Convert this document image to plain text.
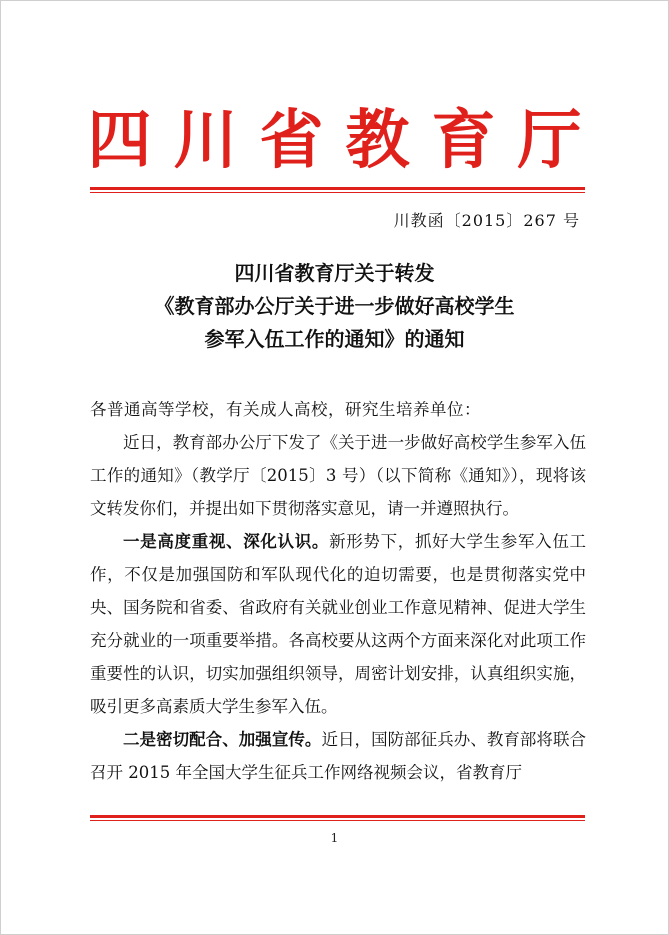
四川省教育厅
川教函〔2015〕267 号
四川省教育厅关于转发
《教育部办公厅关于进一步做好高校学生
参军入伍工作的通知》的通知

各普通高等学校，有关成人高校，研究生培养单位：

近日，教育部办公厅下发了《关于进一步做好高校学生参军入伍工作的通知》（教学厅〔2015〕3 号）（以下简称《通知》），现将该文转发你们，并提出如下贯彻落实意见，请一并遵照执行。

一是高度重视、深化认识。新形势下，抓好大学生参军入伍工作，不仅是加强国防和军队现代化的迫切需要，也是贯彻落实党中央、国务院和省委、省政府有关就业创业工作意见精神、促进大学生充分就业的一项重要举措。各高校要从这两个方面来深化对此项工作重要性的认识，切实加强组织领导，周密计划安排，认真组织实施，吸引更多高素质大学生参军入伍。

二是密切配合、加强宣传。近日，国防部征兵办、教育部将联合召开 2015 年全国大学生征兵工作网络视频会议，省教育厅

1
